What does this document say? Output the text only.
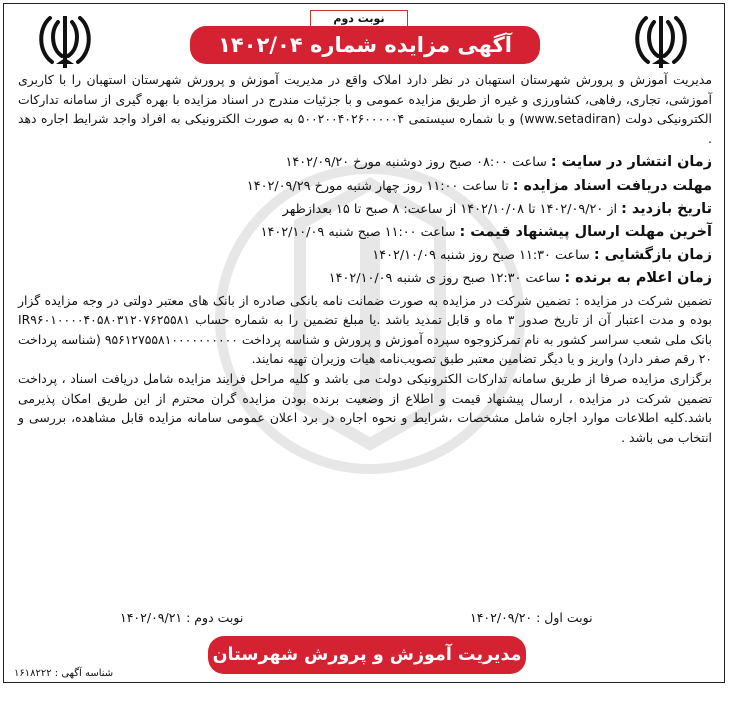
نوبت دوم
آگهی مزایده شماره ۱۴۰۲/۰۴

مدیریت آموزش و پرورش شهرستان استهبان در نظر دارد املاک واقع در مدیریت آموزش و پرورش شهرستان استهبان را با کاربری آموزشی، تجاری، رفاهی، کشاورزی و غیره از طریق مزایده عمومی و با جزئیات مندرج در اسناد مزایده با بهره گیری از سامانه تدارکات الکترونیکی دولت (www.setadiran) و با شماره سیستمی ۵۰۰۲۰۰۴۰۲۶۰۰۰۰۰۴ به صورت الکترونیکی به افراد واجد شرایط اجاره دهد .

زمان انتشار در سایت : ساعت ۰۸:۰۰ صبح روز دوشنبه مورخ ۱۴۰۲/۰۹/۲۰

مهلت دریافت اسناد مزایده : تا ساعت ۱۱:۰۰ روز چهار شنبه مورخ ۱۴۰۲/۰۹/۲۹

تاریخ بازدید : از ۱۴۰۲/۰۹/۲۰ تا ۱۴۰۲/۱۰/۰۸ از ساعت: ۸ صبح تا ۱۵ بعدازظهر

آخرین مهلت ارسال پیشنهاد قیمت : ساعت ۱۱:۰۰ صبح شنبه ۱۴۰۲/۱۰/۰۹

زمان بازگشایی : ساعت ۱۱:۳۰ صبح روز شنبه ۱۴۰۲/۱۰/۰۹

زمان اعلام به برنده : ساعت ۱۲:۳۰ صبح روز ی شنبه ۱۴۰۲/۱۰/۰۹

تضمین شرکت در مزایده : تضمین شرکت در مزایده به صورت ضمانت نامه بانکی صادره از بانک های معتبر دولتی در وجه مزایده گزار بوده و مدت اعتبار آن از تاریخ صدور ۳ ماه و قابل تمدید باشد .یا مبلغ تضمین را به شماره حساب IR۹۶۰۱۰۰۰۰۴۰۵۸۰۳۱۲۰۷۶۲۵۵۸۱ بانک ملی شعب سراسر کشور به نام تمرکزوجوه سپرده آموزش و پرورش و شناسه پرداخت ۹۵۶۱۲۷۵۵۸۱۰۰۰۰۰۰۰۰۰۰ (شناسه پرداخت ۲۰ رقم صفر دارد) واریز و یا دیگر تضامین معتبر طبق تصویب‌نامه هیات وزیران تهیه نمایند.

برگزاری مزایده صرفا از طریق سامانه تدارکات الکترونیکی دولت می باشد و کلیه مراحل فرایند مزایده شامل دریافت اسناد ، پرداخت تضمین شرکت در مزایده ، ارسال پیشنهاد قیمت و اطلاع از وضعیت برنده بودن مزایده گران محترم از این طریق امکان پذیرمی باشد.کلیه اطلاعات موارد اجاره شامل مشخصات ،شرایط و نحوه اجاره در برد اعلان عمومی سامانه مزایده قابل مشاهده، بررسی و انتخاب می باشد .

نوبت اول : ۱۴۰۲/۰۹/۲۰
نوبت دوم : ۱۴۰۲/۰۹/۲۱
مدیریت آموزش و پرورش شهرستان استهبان
شناسه آگهی : ۱۶۱۸۲۲۲
